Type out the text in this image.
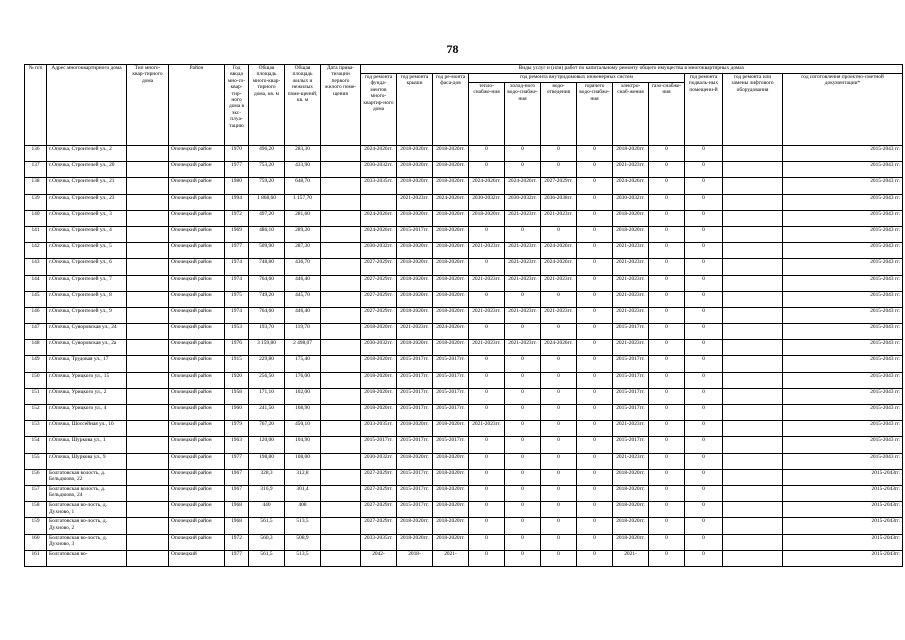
78
№ п/п	Адрес многоквартирного дома	Тип много-квар-тирного дома	Район	Год ввода мно-го-квар-тир-ного дома в экс-плуа-тацию	Общая площадь много-квар-тирного дома, кв. м	Общая площадь жилых и нежилых поме-щений, кв. м	Дата прива-тизации первого жилого поме-щения	Виды услуг и (или) работ по капитальному ремонту общего имущества в многоквартирных домах											
								год ремонта фунда-ментов много-квартир-ного дома	год ремонта крыши	год ре-монта фаса-дов	год ремонта внутридомовых инженерных систем						год ремонта подваль-ных помещени-й	год ремонта или замены лифтового оборудования	год изготовления проектно-сметной документации*
											тепло-снабже-ния	холод-ного водо-снабже-ния	водо-отведения	горячего водо-снабже-ния	электро-снаб-жения	газо-снабже-ния			
136	г.Опочка, Строителей ул., 2		Опочецкий район	1970	496,20	283,30		2024-2026гг.	2018-2020гг.	2018-2020гг.	0	0	0	0	2018-2020гг.	0	0		2015-2043 гг.
137	г.Опочка, Строителей ул., 20		Опочецкий район	1977	753,20	433,90		2030-2032гг.	2018-2020гг.	2018-2020гг.	0	0	0	0	2021-2023гг.	0	0		2015-2043 гг.
138	г.Опочка, Строителей ул., 21		Опочецкий район	1980	759,20	648,70		2033-2035гг.	2018-2020гг.	2018-2020гг.	2024-2026гг.	2024-2026гг.	2027-2029гг.	0	2024-2026гг.	0	0		2015-2043 гг.
139	г.Опочка, Строителей ул., 23		Опочецкий район	1994	1 868,60	1 157,70			2021-2023гг.	2024-2026гг.	2030-2032гг.	2030-2032гг.	2036-2038гг.	0	2030-2032гг.	0	0		2015-2043 гг.
140	г.Опочка, Строителей ул., 3		Опочецкий район	1972	497,20	281,60		2024-2026гг.	2018-2020гг.	2018-2020гг.	2018-2020гг.	2021-2023гг.	2021-2023гг.	0	2018-2020гг.	0	0		2015-2043 гг.
141	г.Опочка, Строителей ул., 4		Опочецкий район	1969	486,10	289,20		2024-2026гг.	2015-2017гг.	2018-2020гг.	0	0	0	0	2018-2020гг.	0	0		2015-2043 гг.
142	г.Опочка, Строителей ул., 5		Опочецкий район	1977	509,90	287,30		2030-2032гг.	2018-2020гг.	2018-2020гг.	2021-2023гг.	2021-2023гг.	2024-2026гг.	0	2021-2023гг.	0	0		2015-2043 гг.
143	г.Опочка, Строителей ул., 6		Опочецкий район	1974	748,80	436,70		2027-2029гг.	2018-2020гг.	2018-2020гг.	0	2021-2023гг.	2024-2026гг.	0	2021-2023гг.	0	0		2015-2043 гг.
144	г.Опочка, Строителей ул., 7		Опочецкий район	1974	764,60	446,40		2027-2029гг.	2018-2020гг.	2018-2020гг.	2021-2023гг.	2021-2023гг.	2021-2023гг.	0	2021-2023гг.	0	0		2015-2043 гг.
145	г.Опочка, Строителей ул., 8		Опочецкий район	1975	749,20	445,70		2027-2029гг.	2018-2020гг.	2018-2020гг.	0	0	0	0	2021-2023гг.	0	0		2015-2043 гг.
146	г.Опочка, Строителей ул., 9		Опочецкий район	1974	764,60	446,40		2027-2029гг.	2018-2020гг.	2018-2020гг.	2021-2023гг.	2021-2023гг.	2021-2023гг.	0	2021-2023гг.	0	0		2015-2043 гг.
147	г.Опочка, Суворовская ул., 24		Опочецкий район	1953	193,70	119,70		2018-2020гг.	2021-2023гг.	2024-2026гг.	0	0	0	0	2015-2017гг.	0	0		2015-2043 гг.
148	г.Опочка, Суворовская ул., 2а		Опочецкий район	1976	3 159,80	2 498,07		2030-2032гг.	2018-2020гг.	2018-2020гг.	2021-2023гг.	2021-2023гг.	2024-2026гг.	0	2021-2023гг.	0	0		2015-2043 гг.
149	г.Опочка, Трудовая ул., 17		Опочецкий район	1915	229,80	175,40		2018-2020гг.	2015-2017гг.	2015-2017гг.	0	0	0	0	2015-2017гг.	0	0		2015-2043 гг.
150	г.Опочка, Урицкого ул., 15		Опочецкий район	1920	256,50	176,00		2018-2020гг.	2015-2017гг.	2015-2017гг.	0	0	0	0	2015-2017гг.	0	0		2015-2043 гг.
151	г.Опочка, Урицкого ул., 2		Опочецкий район	1958	171,10	102,00		2018-2020гг.	2015-2017гг.	2015-2017гг.	0	0	0	0	2015-2017гг.	0	0		2015-2043 гг.
152	г.Опочка, Урицкого ул., 4		Опочецкий район	1960	241,50	168,90		2018-2020гг.	2015-2017гг.	2015-2017гг.	0	0	0	0	2015-2017гг.	0	0		2015-2043 гг.
153	г.Опочка, Шоссейная ул., 16		Опочецкий район	1979	767,20	450,10		2033-2035гг.	2018-2020гг.	2018-2020гг.	2021-2023гг.	0	0	0	2021-2023гг.	0	0		2015-2043 гг.
154	г.Опочка, Шуркова ул., 1		Опочецкий район	1963	120,00	104,90		2015-2017гг.	2015-2017гг.	2015-2017гг.	0	0	0	0	2015-2017гг.	0	0		2015-2043 гг.
155	г.Опочка, Шуркова ул., 9		Опочецкий район	1977	198,80	108,00		2030-2032гг.	2018-2020гг.	2018-2020гг.	0	0	0	0	2021-2023гг.	0	0		2015-2043 гг.
156	Болгатовская волость, д. Бельдюово, 22		Опочецкий район	1967	328,3	312,8		2027-2029гг.	2015-2017гг.	2018-2020гг.	0	0	0	0	2018-2020гг.	0	0		2015-2043гг.
157	Болгатовская волость, д. Бельдюово, 24		Опочецкий район	1967	316,9	301,4		2027-2029гг.	2015-2017гг.	2018-2020гг.	0	0	0	0	2018-2020гг.	0	0		2015-2043гг.
158	Болгатовская во-лость, д. Духново, 1		Опочецкий район	1968	440	408		2027-2029гг.	2015-2017гг.	2018-2020гг.	0	0	0	0	2018-2020гг.	0	0		2015-2043гг.
159	Болгатовская во-лость, д. Духново, 2		Опочецкий район	1968	561,5	513,5		2027-2029гг.	2018-2020гг.	2018-2020гг.	0	0	0	0	2018-2020гг.	0	0		2015-2043гг.
160	Болгатовская во-лость, д. Духново, 3		Опочецкий район	1972	560,3	508,9		2033-2035гг.	2018-2020гг.	2018-2020гг.	0	0	0	0	2018-2020гг.	0	0		2015-2043гг.
161	Болгатовская во-		Опочецкий	1977	561,5	513,5		2042-	2018-	2021-	0	0	0	0	2021-	0	0		2015-2043гг.
